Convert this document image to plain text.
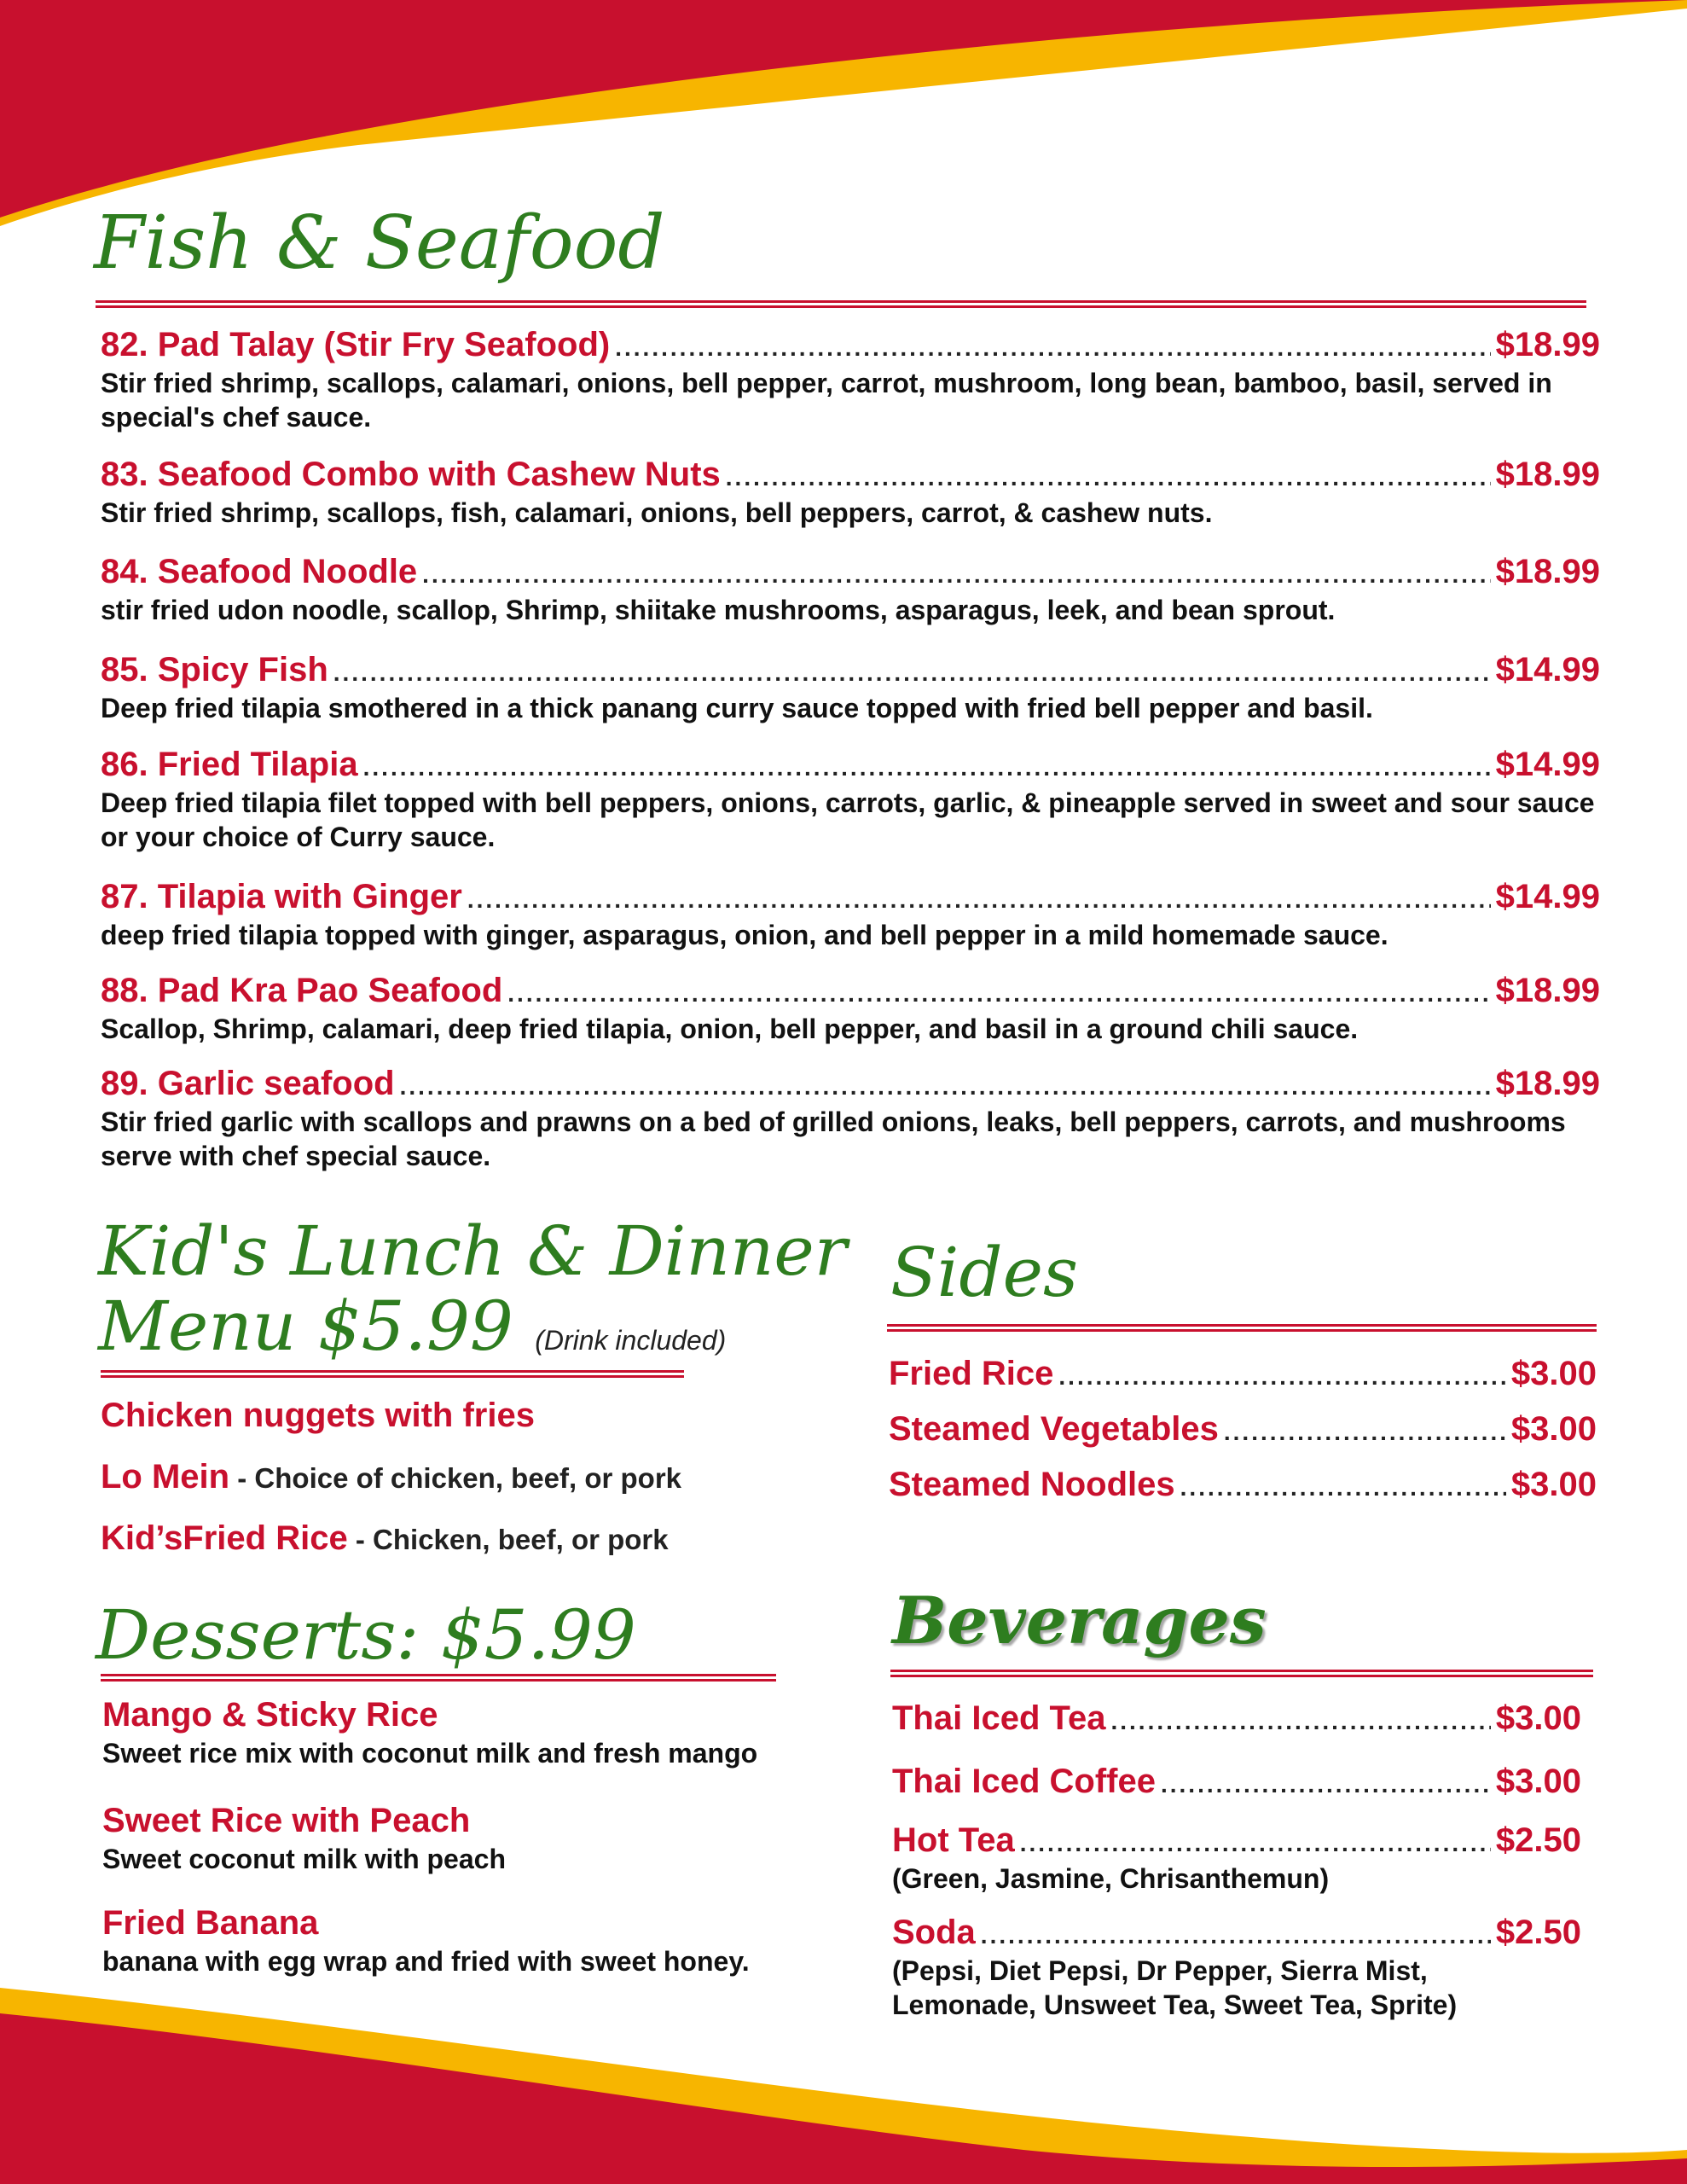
Fish & Seafood
82. Pad Talay (Stir Fry Seafood) .....	$18.99
Stir fried shrimp, scallops, calamari, onions, bell pepper, carrot, mushroom, long bean, bamboo, basil, served in special's chef sauce.
83. Seafood Combo with Cashew Nuts .....	$18.99
Stir fried shrimp, scallops, fish, calamari, onions, bell peppers, carrot, & cashew nuts.
84. Seafood Noodle .....	$18.99
stir fried udon noodle, scallop, Shrimp, shiitake mushrooms, asparagus, leek, and bean sprout.
85. Spicy Fish .....	$14.99
Deep fried tilapia smothered in a thick panang curry sauce topped with fried bell pepper and basil.
86. Fried Tilapia .....	$14.99
Deep fried tilapia filet topped with bell peppers, onions, carrots, garlic, & pineapple served in sweet and sour sauce or your choice of Curry sauce.
87. Tilapia with Ginger .....	$14.99
deep fried tilapia topped with ginger, asparagus, onion, and bell pepper in a mild homemade sauce.
88. Pad Kra Pao Seafood .....	$18.99
Scallop, Shrimp, calamari, deep fried tilapia, onion, bell pepper, and basil in a ground chili sauce.
89. Garlic seafood .....	$18.99
Stir fried garlic with scallops and prawns on a bed of grilled onions, leaks, bell peppers, carrots, and mushrooms serve with chef special sauce.
Kid's Lunch & Dinner
Menu $5.99 (Drink included)
Chicken nuggets with fries
Lo Mein - Choice of chicken, beef, or pork
Kid’sFried Rice - Chicken, beef, or pork
Desserts: $5.99
Mango & Sticky Rice
Sweet rice mix with coconut milk and fresh mango
Sweet Rice with Peach
Sweet coconut milk with peach
Fried Banana
banana with egg wrap and fried with sweet honey.
Sides
Fried Rice .....	$3.00
Steamed Vegetables .....	$3.00
Steamed Noodles .....	$3.00
Beverages
Thai Iced Tea .....	$3.00
Thai Iced Coffee .....	$3.00
Hot Tea .....	$2.50
(Green, Jasmine, Chrisanthemun)
Soda .....	$2.50
(Pepsi, Diet Pepsi, Dr Pepper, Sierra Mist, Lemonade, Unsweet Tea, Sweet Tea, Sprite)
